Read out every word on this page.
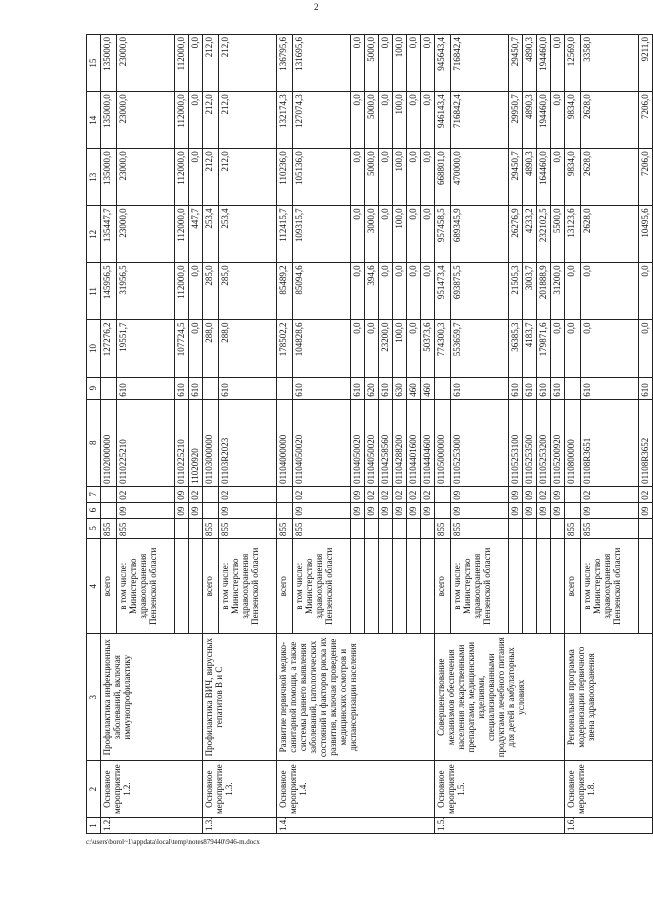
2
1	2	3	4	5	6	7	8	9	10	11	12	13	14	15
1.2.	Основное мероприятие 1.2.	Профилактика инфекционных заболеваний, включая иммунопрофилактику	всего	855			01102000000		127276,2	145956,5	135447,7	135000,0	135000,0	135000,0
			в том числе: Министерство здравоохранения Пензенской области	855	09	02	0110225210	610	19551,7	31956,5	23000,0	23000,0	23000,0	23000,0
					09	09	0110225210	610	107724,5	112000,0	112000,0	112000,0	112000,0	112000,0
					09	02	11020920	610	0,0	0,0	447,7	0,0	0,0	0,0
1.3.	Основное мероприятие 1.3.	Профилактика ВИЧ, вирусных гепатитов В и С	всего	855			01103000000		288,0	285,0	253,4	212,0	212,0	212,0
			в том числе: Министерство здравоохранения Пензенской области	855	09	02	01103R2023	610	288,0	285,0	253,4	212,0	212,0	212,0
1.4.	Основное мероприятие 1.4.	Развитие первичной медико-санитарной помощи, а также системы раннего выявления заболеваний, патологических состояний и факторов риска их развития, включая проведение медицинских осмотров и диспансеризации населения	всего	855			01104000000		178502,2	85489,2	112415,7	110236,0	132174,3	136795,6
			в том числе: Министерство здравоохранения Пензенской области	855	09	02	01104050020	610	104828,6	85094,6	109315,7	105136,0	127074,3	131695,6
					09	09	01104050020	610	0,0	0,0	0,0	0,0	0,0	0,0
					09	02	01104050020	620	0,0	394,6	3000,0	5000,0	5000,0	5000,0
					09	02	01104258560	610	23200,0	0,0	0,0	0,0	0,0	0,0
					09	02	01104288200	630	100,0	0,0	100,0	100,0	100,0	100,0
					09	02	01104401600	460	0,0	0,0	0,0	0,0	0,0	0,0
					09	02	01104404600	460	50373,6	0,0	0,0	0,0	0,0	0,0
1.5.	Основное мероприятие 1.5.	Совершенствование механизмов обеспечения населения лекарственными препаратами, медицинскими изделиями, специализированными продуктами лечебного питания для детей в амбулаторных условиях	всего	855			01105000000		774300,3	951473,4	957458,5	668801,0	946143,4	945643,4
			в том числе: Министерство здравоохранения Пензенской области	855	09	09	01105253000	610	553659,7	693875,5	689345,9	470000,0	716842,4	716842,4
					09	09	01105253100	610	36385,3	21505,3	26276,9	29450,7	29950,7	29450,7
					09	09	01105253500	610	4183,7	3003,7	4233,2	4890,3	4890,3	4890,3
					09	02	01105253200	610	179871,6	201888,9	232102,5	164460,0	194460,0	194460,0
					09	09	01105200920	610	0,0	31200,0	5500,0	0,0	0,0	0,0
1.6.	Основное мероприятие 1.8.	Региональная программа модернизации первичного звена здравоохранения	всего	855			0110800000		0,0	0,0	13123,6	9834,0	9834,0	12569,0
			в том числе: Министерство здравоохранения Пензенской области	855	09	02	01108R3651	610	0,0	0,0	2628,0	2628,0	2628,0	3358,0
					09	02	01108R3652	610	0,0	0,0	10495,6	7206,0	7206,0	9211,0
c:\users\borol~1\appdata\local\temp\notes879440\946-m.docx
